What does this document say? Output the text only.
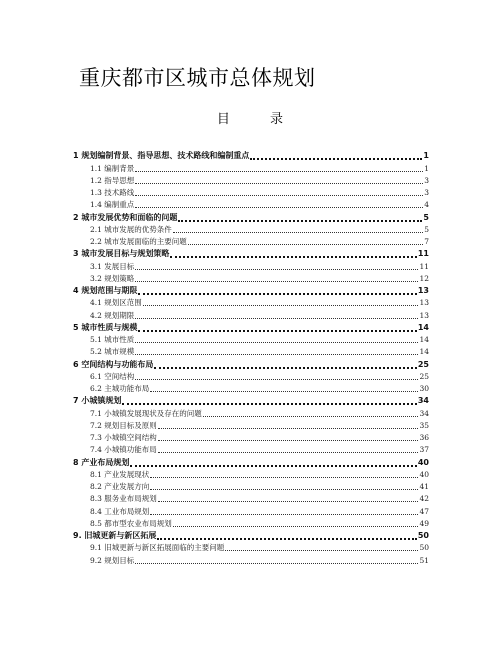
重庆都市区城市总体规划
目 录
1 规划编制背景、指导思想、技术路线和编制重点	1
1.1 编制背景	1
1.2 指导思想	3
1.3 技术路线	3
1.4 编制重点	4
2 城市发展优势和面临的问题	5
2.1 城市发展的优势条件	5
2.2 城市发展面临的主要问题	7
3 城市发展目标与规划策略	11
3.1 发展目标	11
3.2 规划策略	12
4 规划范围与期限	13
4.1 规划区范围	13
4.2 规划期限	13
5 城市性质与规模	14
5.1 城市性质	14
5.2 城市规模	14
6 空间结构与功能布局	25
6.1 空间结构	25
6.2 主城功能布局	30
7 小城镇规划	34
7.1 小城镇发展现状及存在的问题	34
7.2 规划目标及原则	35
7.3 小城镇空间结构	36
7.4 小城镇功能布局	37
8 产业布局规划	40
8.1 产业发展现状	40
8.2 产业发展方向	41
8.3 服务业布局规划	42
8.4 工业布局规划	47
8.5 都市型农业布局规划	49
9. 旧城更新与新区拓展	50
9.1 旧城更新与新区拓展面临的主要问题	50
9.2 规划目标	51
